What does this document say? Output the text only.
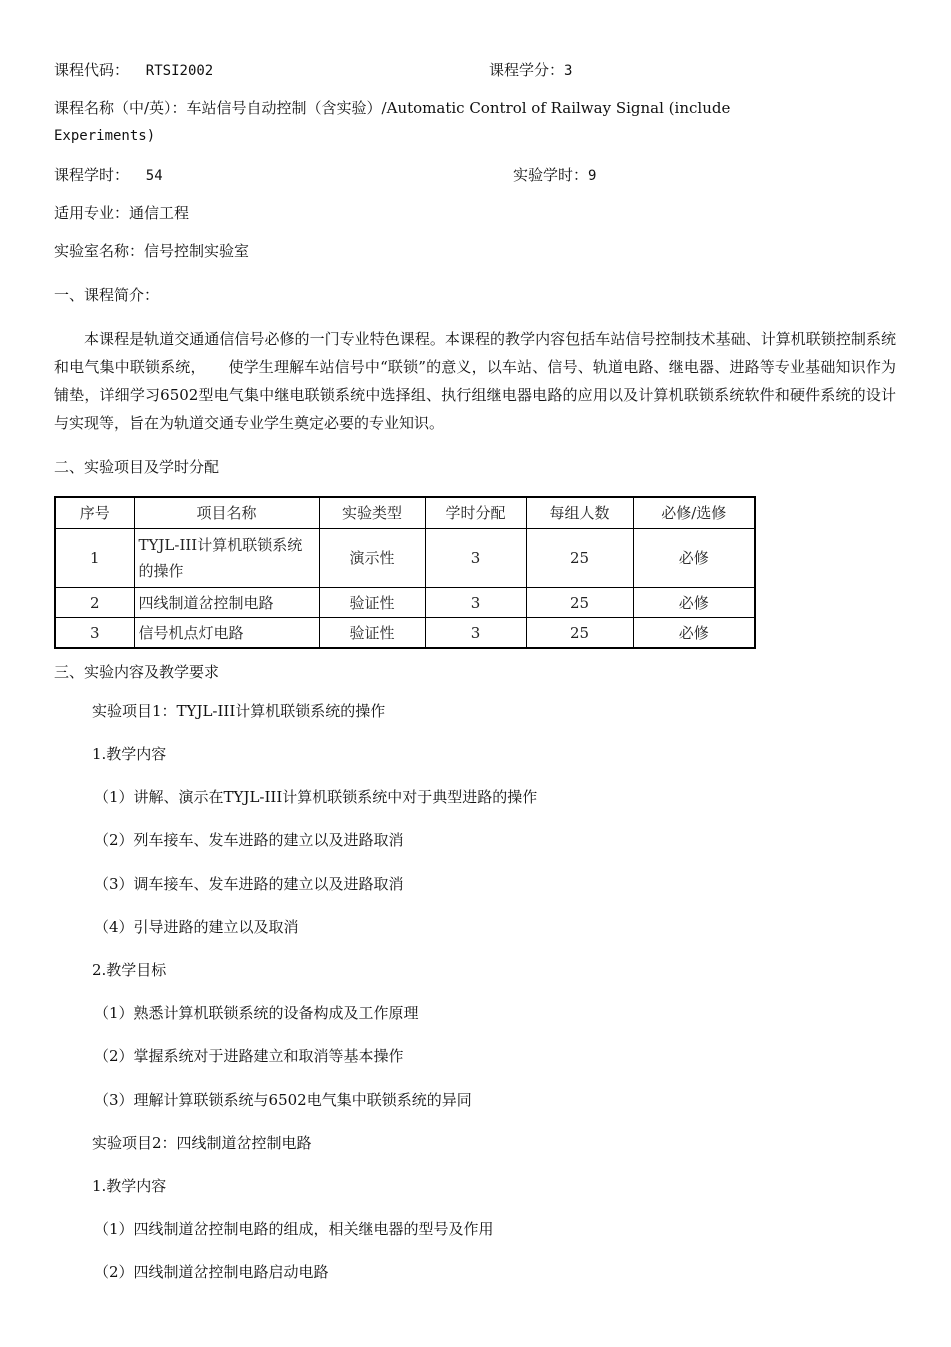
课程代码： RTSI2002	课程学分：3
课程名称（中/英）：车站信号自动控制（含实验）/Automatic Control of Railway Signal (include
Experiments)
课程学时： 54	实验学时：9
适用专业：通信工程
实验室名称：信号控制实验室
一、课程简介：
本课程是轨道交通通信信号必修的一门专业特色课程。本课程的教学内容包括车站信号控制技术基础、计算机联锁控制系统和电气集中联锁系统，　　使学生理解车站信号中“联锁”的意义，以车站、信号、轨道电路、继电器、进路等专业基础知识作为铺垫，详细学习6502型电气集中继电联锁系统中选择组、执行组继电器电路的应用以及计算机联锁系统软件和硬件系统的设计与实现等，旨在为轨道交通专业学生奠定必要的专业知识。
二、实验项目及学时分配
序号	项目名称	实验类型	学时分配	每组人数	必修/选修
1	TYJL-III计算机联锁系统的操作	演示性	3	25	必修
2	四线制道岔控制电路	验证性	3	25	必修
3	信号机点灯电路	验证性	3	25	必修
三、实验内容及教学要求
实验项目1：TYJL-III计算机联锁系统的操作
1.教学内容
（1）讲解、演示在TYJL-III计算机联锁系统中对于典型进路的操作
（2）列车接车、发车进路的建立以及进路取消
（3）调车接车、发车进路的建立以及进路取消
（4）引导进路的建立以及取消
2.教学目标
（1）熟悉计算机联锁系统的设备构成及工作原理
（2）掌握系统对于进路建立和取消等基本操作
（3）理解计算联锁系统与6502电气集中联锁系统的异同
实验项目2：四线制道岔控制电路
1.教学内容
（1）四线制道岔控制电路的组成，相关继电器的型号及作用
（2）四线制道岔控制电路启动电路
